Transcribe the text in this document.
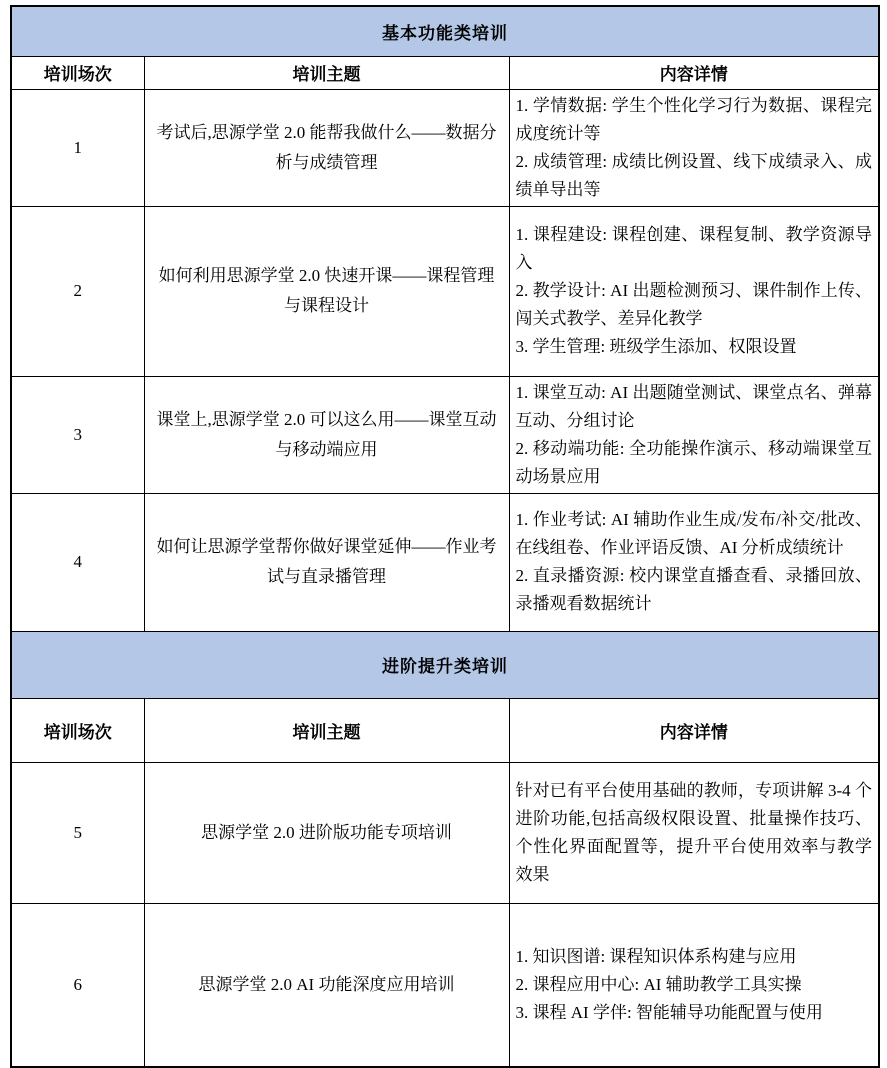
基本功能类培训		
培训场次	培训主题	内容详情
1	考试后,思源学堂 2.0 能帮我做什么——数据分析与成绩管理	1. 学情数据: 学生个性化学习行为数据、课程完成度统计等
2. 成绩管理: 成绩比例设置、线下成绩录入、成绩单导出等

2	如何利用思源学堂 2.0 快速开课——课程管理与课程设计	1. 课程建设: 课程创建、课程复制、教学资源导入
2. 教学设计: AI 出题检测预习、课件制作上传、闯关式教学、差异化教学
3. 学生管理: 班级学生添加、权限设置

3	课堂上,思源学堂 2.0 可以这么用——课堂互动与移动端应用	1. 课堂互动: AI 出题随堂测试、课堂点名、弹幕互动、分组讨论
2. 移动端功能: 全功能操作演示、移动端课堂互动场景应用

4	如何让思源学堂帮你做好课堂延伸——作业考试与直录播管理	1. 作业考试: AI 辅助作业生成/发布/补交/批改、在线组卷、作业评语反馈、AI 分析成绩统计
2. 直录播资源: 校内课堂直播查看、录播回放、录播观看数据统计

进阶提升类培训		
培训场次	培训主题	内容详情
5	思源学堂 2.0 进阶版功能专项培训	针对已有平台使用基础的教师，专项讲解 3-4 个进阶功能,包括高级权限设置、批量操作技巧、个性化界面配置等，提升平台使用效率与教学效果

6	思源学堂 2.0 AI 功能深度应用培训	1. 知识图谱: 课程知识体系构建与应用
2. 课程应用中心: AI 辅助教学工具实操
3. 课程 AI 学伴: 智能辅导功能配置与使用
